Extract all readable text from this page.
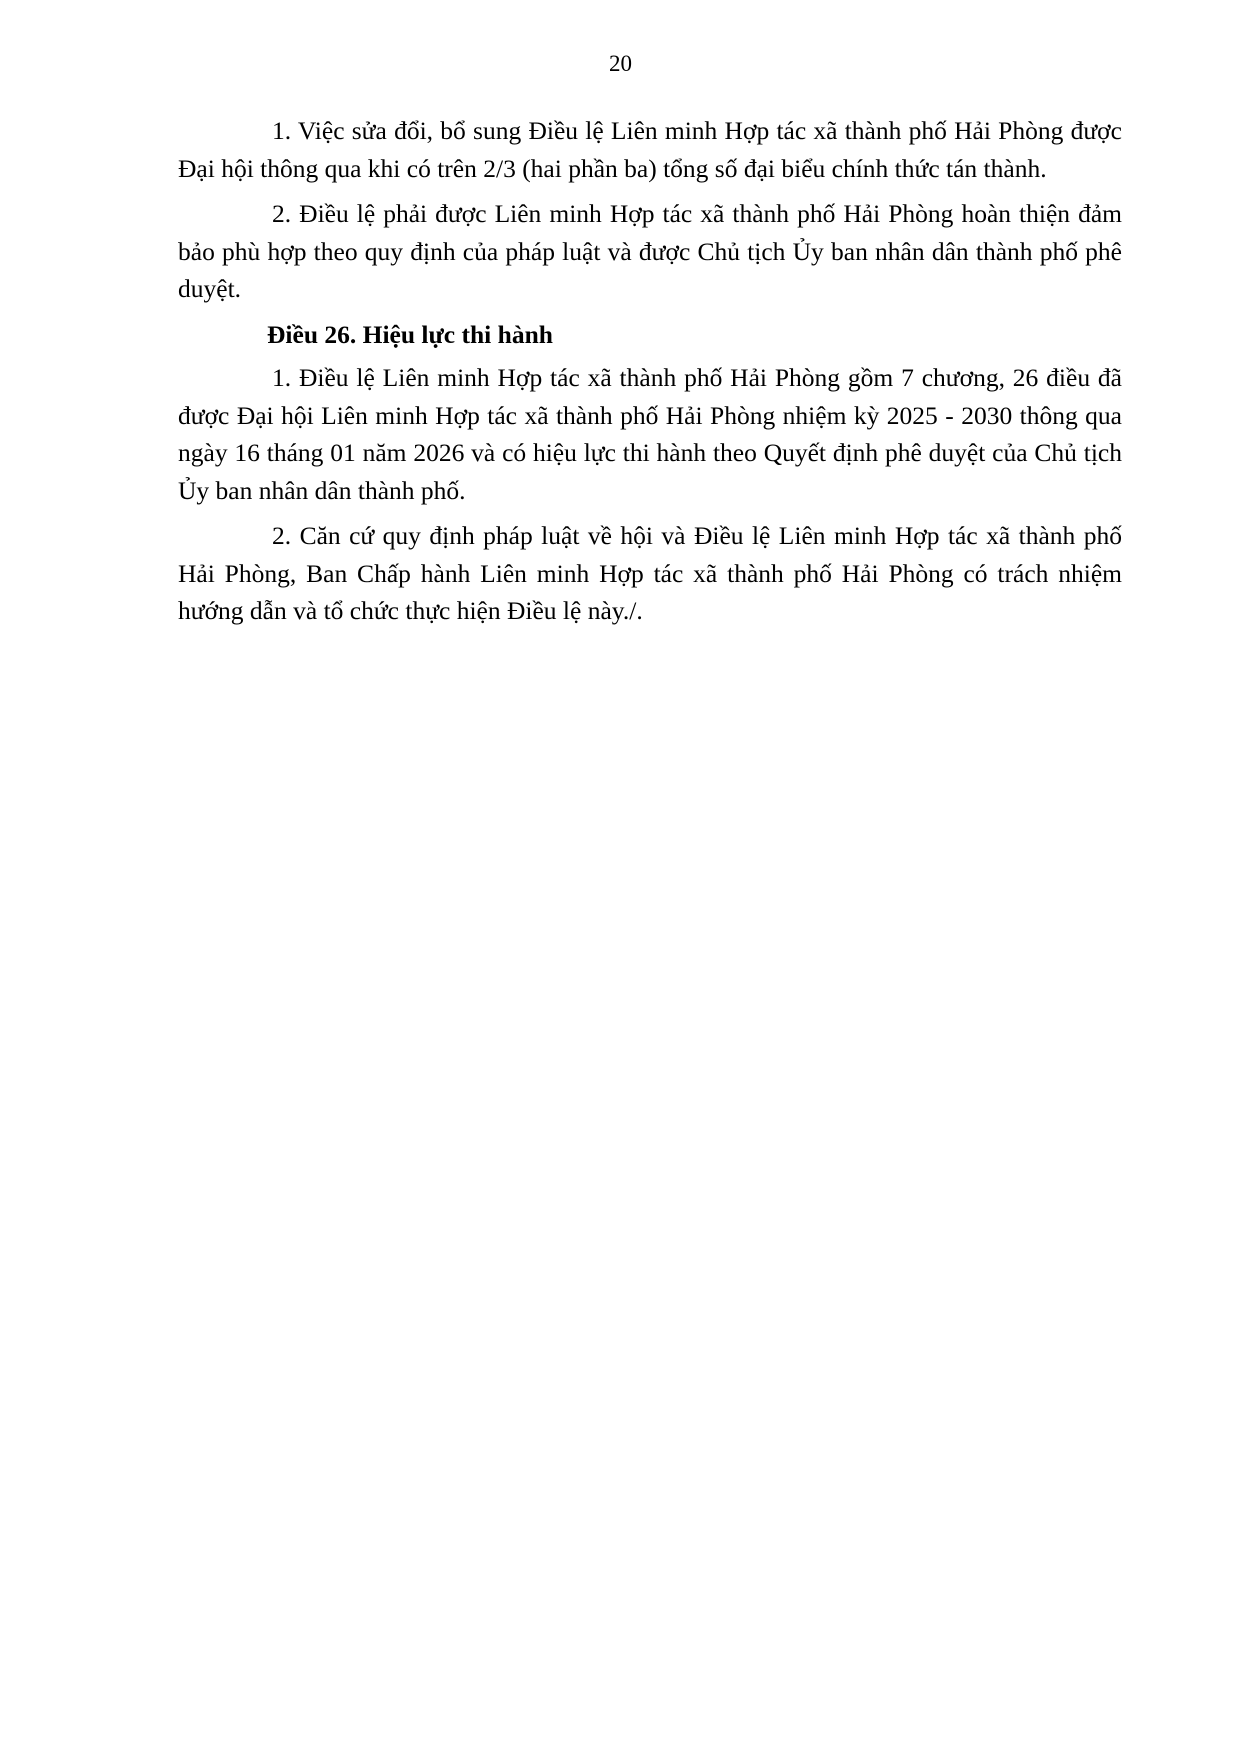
20

1. Việc sửa đổi, bổ sung Điều lệ Liên minh Hợp tác xã thành phố Hải Phòng được Đại hội thông qua khi có trên 2/3 (hai phần ba) tổng số đại biểu chính thức tán thành.

2. Điều lệ phải được Liên minh Hợp tác xã thành phố Hải Phòng hoàn thiện đảm bảo phù hợp theo quy định của pháp luật và được Chủ tịch Ủy ban nhân dân thành phố phê duyệt.

Điều 26. Hiệu lực thi hành

1. Điều lệ Liên minh Hợp tác xã thành phố Hải Phòng gồm 7 chương, 26 điều đã được Đại hội Liên minh Hợp tác xã thành phố Hải Phòng nhiệm kỳ 2025 - 2030 thông qua ngày 16 tháng 01 năm 2026 và có hiệu lực thi hành theo Quyết định phê duyệt của Chủ tịch Ủy ban nhân dân thành phố.

2. Căn cứ quy định pháp luật về hội và Điều lệ Liên minh Hợp tác xã thành phố Hải Phòng, Ban Chấp hành Liên minh Hợp tác xã thành phố Hải Phòng có trách nhiệm hướng dẫn và tổ chức thực hiện Điều lệ này./.
